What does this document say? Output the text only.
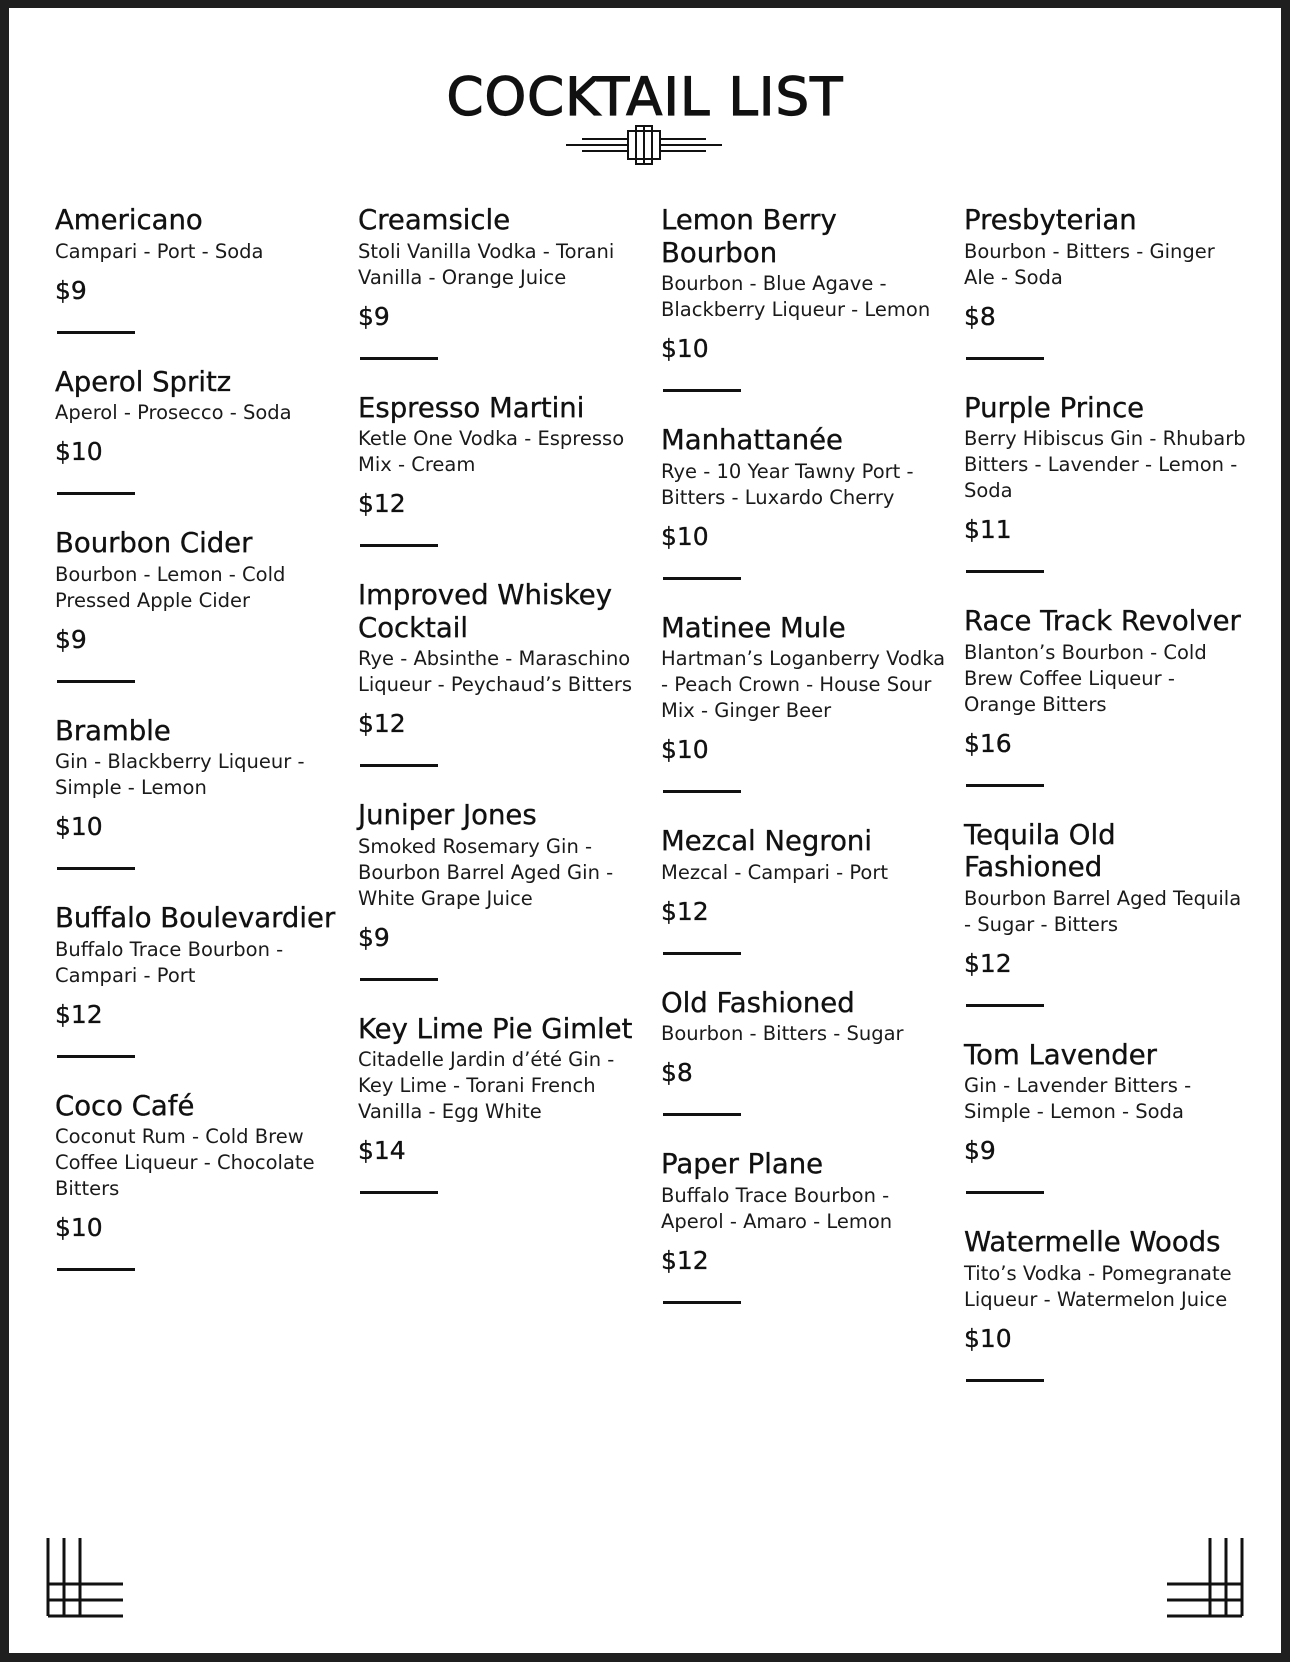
COCKTAIL LIST
Americano
Campari - Port - Soda
$9
Aperol Spritz
Aperol - Prosecco - Soda
$10
Bourbon Cider
Bourbon - Lemon - Cold Pressed Apple Cider
$9
Bramble
Gin - Blackberry Liqueur - Simple - Lemon
$10
Buffalo Boulevardier
Buffalo Trace Bourbon - Campari - Port
$12
Coco Café
Coconut Rum - Cold Brew Coffee Liqueur - Chocolate Bitters
$10
Creamsicle
Stoli Vanilla Vodka - Torani Vanilla - Orange Juice
$9
Espresso Martini
Ketle One Vodka - Espresso Mix - Cream
$12
Improved Whiskey Cocktail
Rye - Absinthe - Maraschino Liqueur - Peychaud’s Bitters
$12
Juniper Jones
Smoked Rosemary Gin - Bourbon Barrel Aged Gin - White Grape Juice
$9
Key Lime Pie Gimlet
Citadelle Jardin d’été Gin - Key Lime - Torani French Vanilla - Egg White
$14
Lemon Berry Bourbon
Bourbon - Blue Agave - Blackberry Liqueur - Lemon
$10
Manhattanée
Rye - 10 Year Tawny Port - Bitters - Luxardo Cherry
$10
Matinee Mule
Hartman’s Loganberry Vodka - Peach Crown - House Sour Mix - Ginger Beer
$10
Mezcal Negroni
Mezcal - Campari - Port
$12
Old Fashioned
Bourbon - Bitters - Sugar
$8
Paper Plane
Buffalo Trace Bourbon - Aperol - Amaro - Lemon
$12
Presbyterian
Bourbon - Bitters - Ginger Ale - Soda
$8
Purple Prince
Berry Hibiscus Gin - Rhubarb Bitters - Lavender - Lemon - Soda
$11
Race Track Revolver
Blanton’s Bourbon - Cold Brew Coffee Liqueur - Orange Bitters
$16
Tequila Old Fashioned
Bourbon Barrel Aged Tequila - Sugar - Bitters
$12
Tom Lavender
Gin - Lavender Bitters - Simple - Lemon - Soda
$9
Watermelle Woods
Tito’s Vodka - Pomegranate Liqueur - Watermelon Juice
$10
